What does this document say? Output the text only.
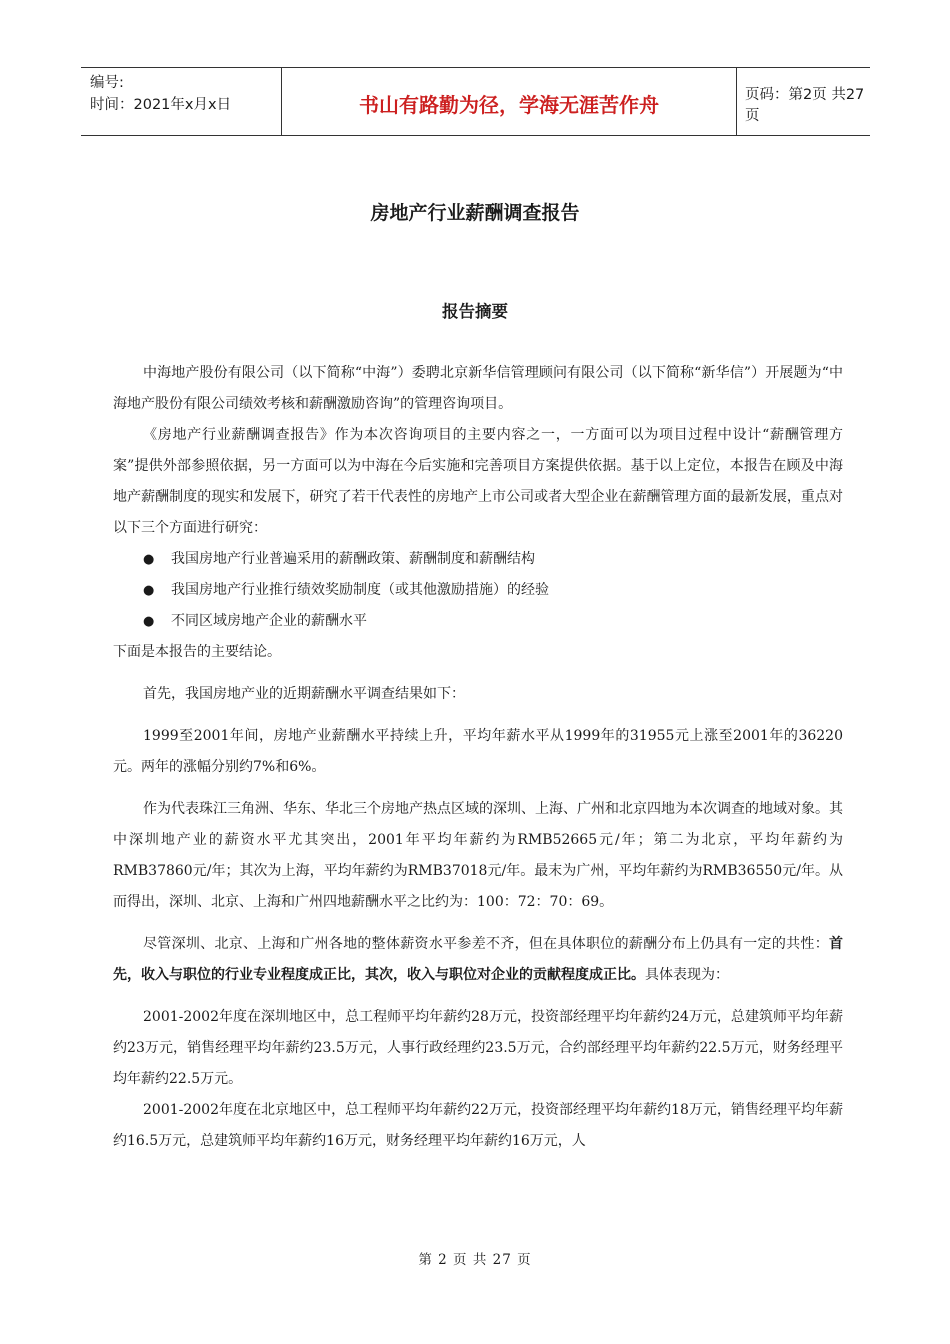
编号:
时间：2021年x月x日	书山有路勤为径，学海无涯苦作舟	页码：第2页 共27页
房地产行业薪酬调查报告
报告摘要

中海地产股份有限公司（以下简称“中海”）委聘北京新华信管理顾问有限公司（以下简称“新华信”）开展题为“中海地产股份有限公司绩效考核和薪酬激励咨询”的管理咨询项目。

《房地产行业薪酬调查报告》作为本次咨询项目的主要内容之一，一方面可以为项目过程中设计“薪酬管理方案”提供外部参照依据，另一方面可以为中海在今后实施和完善项目方案提供依据。基于以上定位，本报告在顾及中海地产薪酬制度的现实和发展下，研究了若干代表性的房地产上市公司或者大型企业在薪酬管理方面的最新发展，重点对以下三个方面进行研究：

●	我国房地产行业普遍采用的薪酬政策、薪酬制度和薪酬结构
●	我国房地产行业推行绩效奖励制度（或其他激励措施）的经验
●	不同区域房地产企业的薪酬水平

下面是本报告的主要结论。

首先，我国房地产业的近期薪酬水平调查结果如下：

1999至2001年间，房地产业薪酬水平持续上升，平均年薪水平从1999年的31955元上涨至2001年的36220元。两年的涨幅分别约7%和6%。

作为代表珠江三角洲、华东、华北三个房地产热点区域的深圳、上海、广州和北京四地为本次调查的地域对象。其中深圳地产业的薪资水平尤其突出，2001年平均年薪约为RMB52665元/年；第二为北京，平均年薪约为RMB37860元/年；其次为上海，平均年薪约为RMB37018元/年。最末为广州，平均年薪约为RMB36550元/年。从而得出，深圳、北京、上海和广州四地薪酬水平之比约为：100：72：70：69。

尽管深圳、北京、上海和广州各地的整体薪资水平参差不齐，但在具体职位的薪酬分布上仍具有一定的共性：首先，收入与职位的行业专业程度成正比，其次，收入与职位对企业的贡献程度成正比。具体表现为：

2001-2002年度在深圳地区中，总工程师平均年薪约28万元，投资部经理平均年薪约24万元，总建筑师平均年薪约23万元，销售经理平均年薪约23.5万元，人事行政经理约23.5万元，合约部经理平均年薪约22.5万元，财务经理平均年薪约22.5万元。

2001-2002年度在北京地区中，总工程师平均年薪约22万元，投资部经理平均年薪约18万元，销售经理平均年薪约16.5万元，总建筑师平均年薪约16万元，财务经理平均年薪约16万元，人

第 2 页 共 27 页
